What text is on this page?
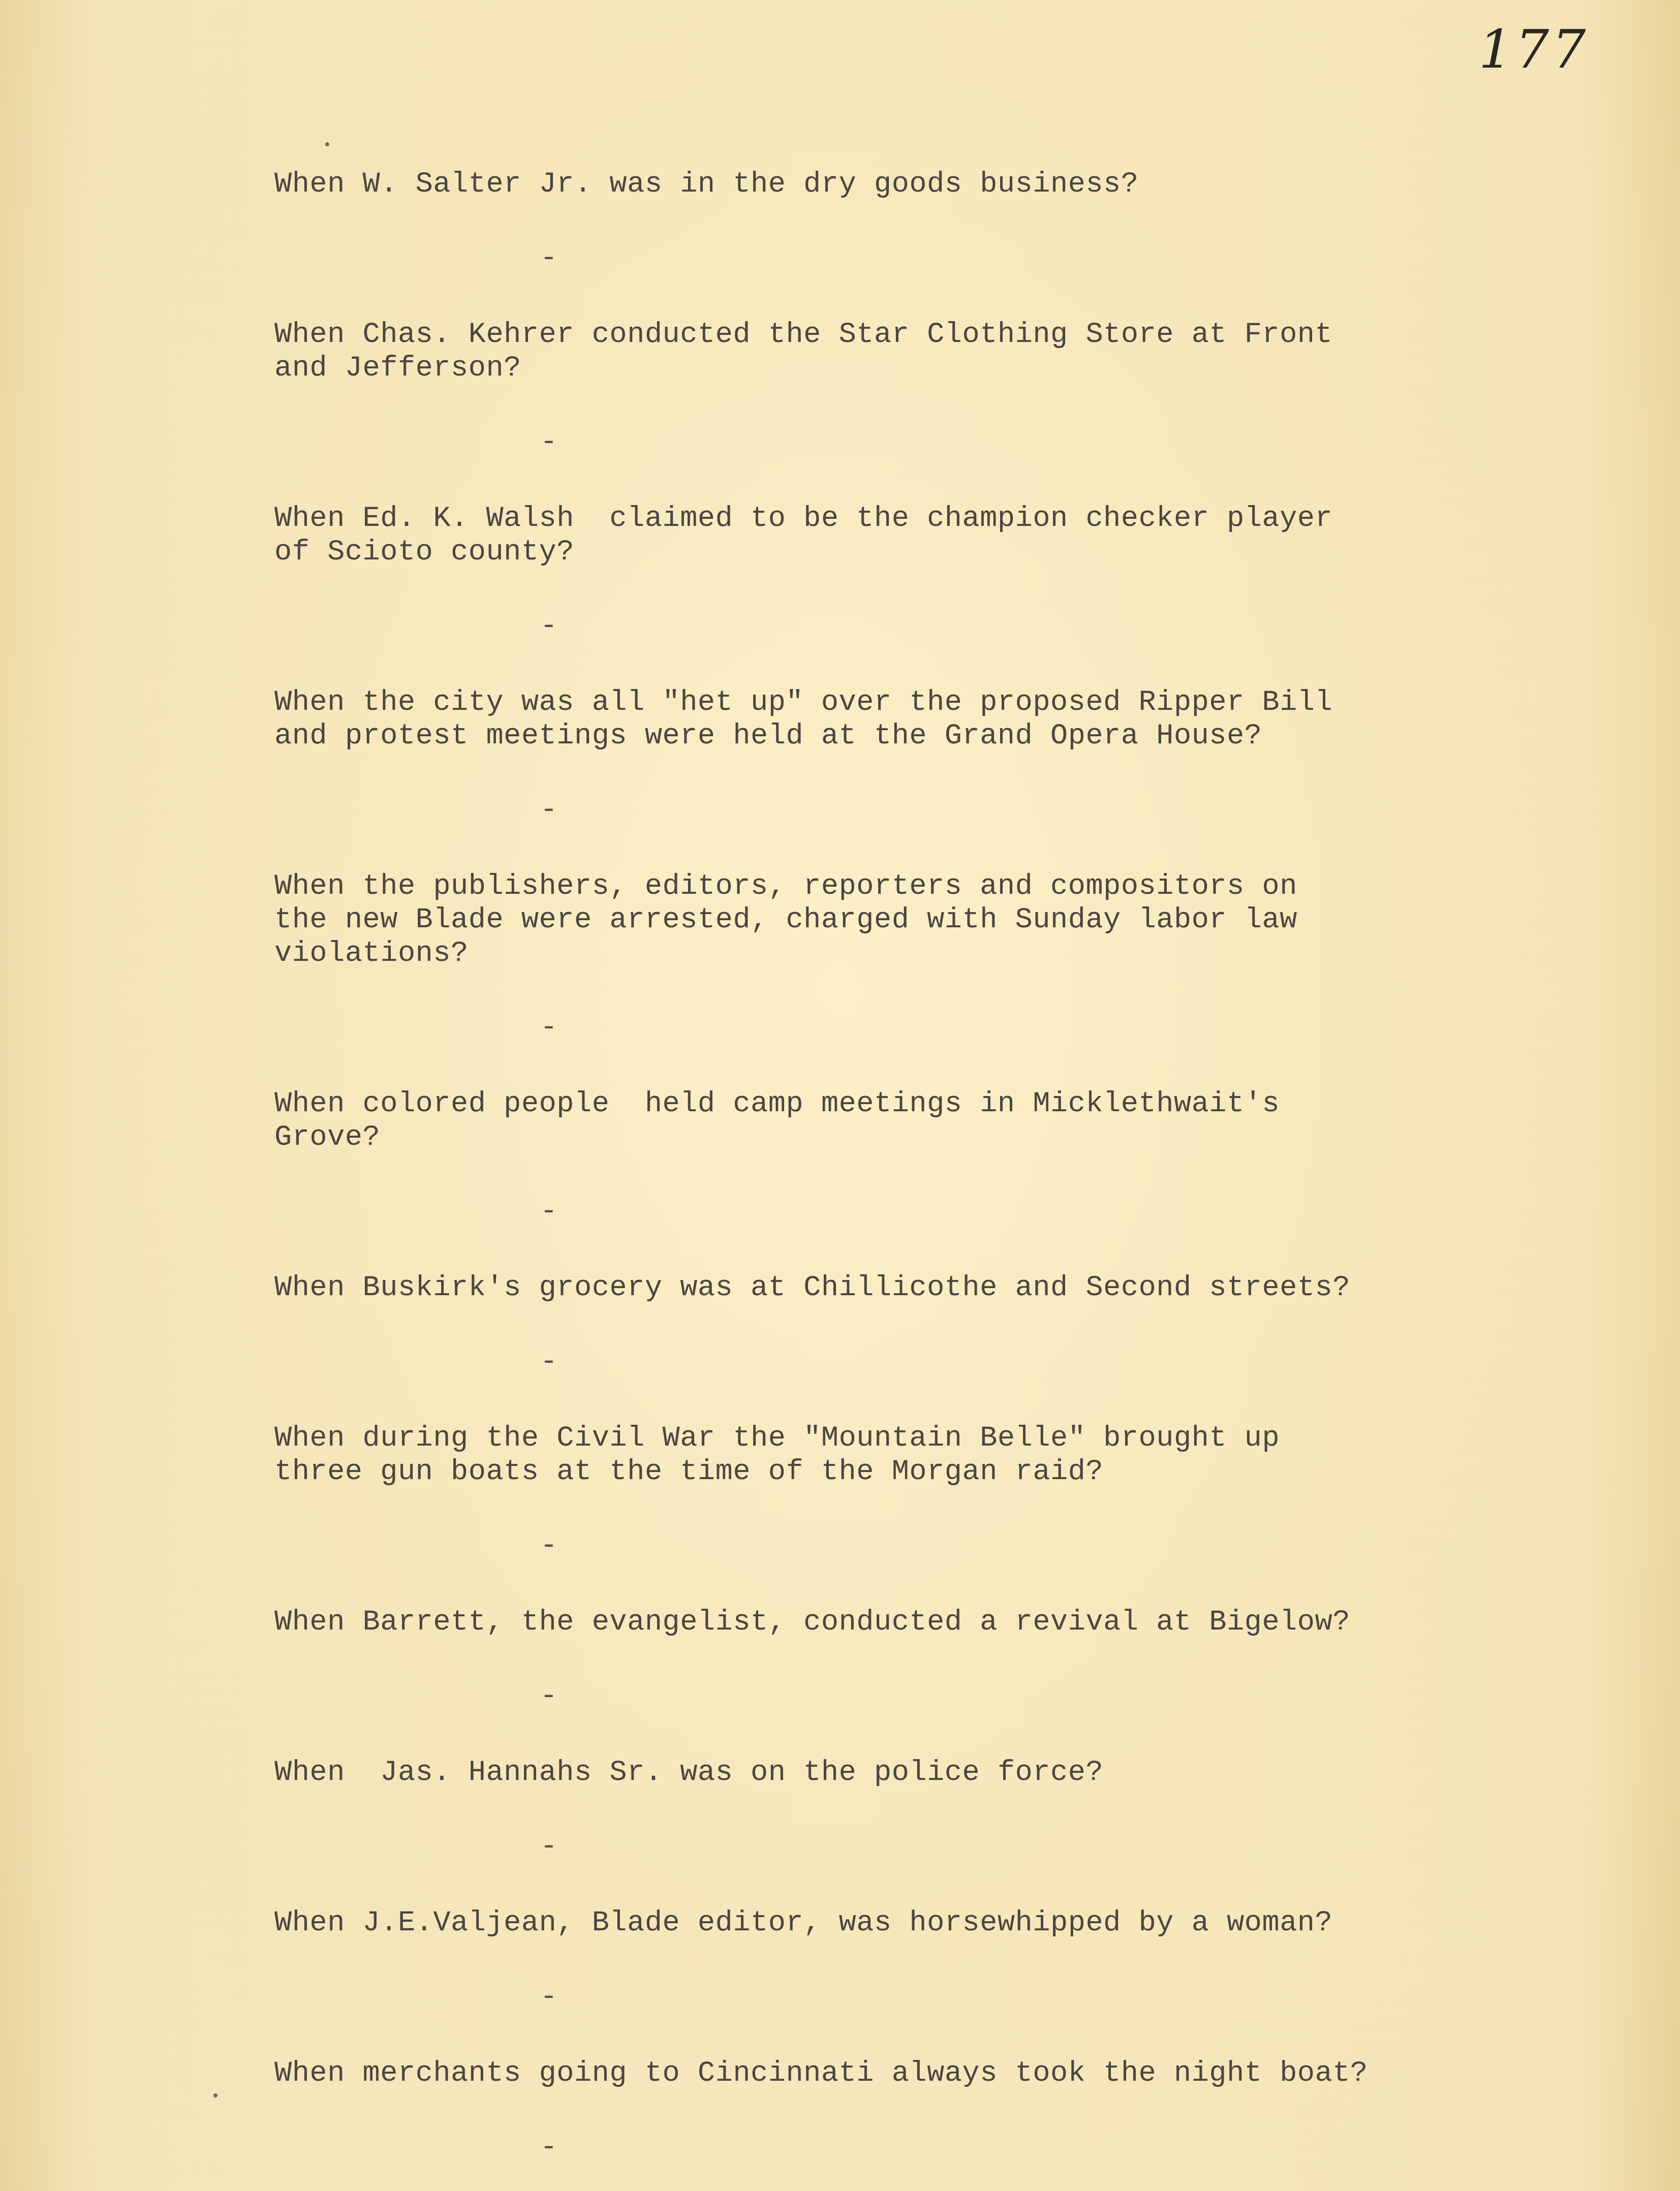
177
When W. Salter Jr. was in the dry goods business?
-
When Chas. Kehrer conducted the Star Clothing Store at Front
and Jefferson?
-
When Ed. K. Walsh  claimed to be the champion checker player
of Scioto county?
-
When the city was all "het up" over the proposed Ripper Bill
and protest meetings were held at the Grand Opera House?
-
When the publishers, editors, reporters and compositors on
the new Blade were arrested, charged with Sunday labor law
violations?
-
When colored people  held camp meetings in Micklethwait's
Grove?
-
When Buskirk's grocery was at Chillicothe and Second streets?
-
When during the Civil War the "Mountain Belle" brought up
three gun boats at the time of the Morgan raid?
-
When Barrett, the evangelist, conducted a revival at Bigelow?
-
When  Jas. Hannahs Sr. was on the police force?
-
When J.E.Valjean, Blade editor, was horsewhipped by a woman?
-
When merchants going to Cincinnati always took the night boat?
-
